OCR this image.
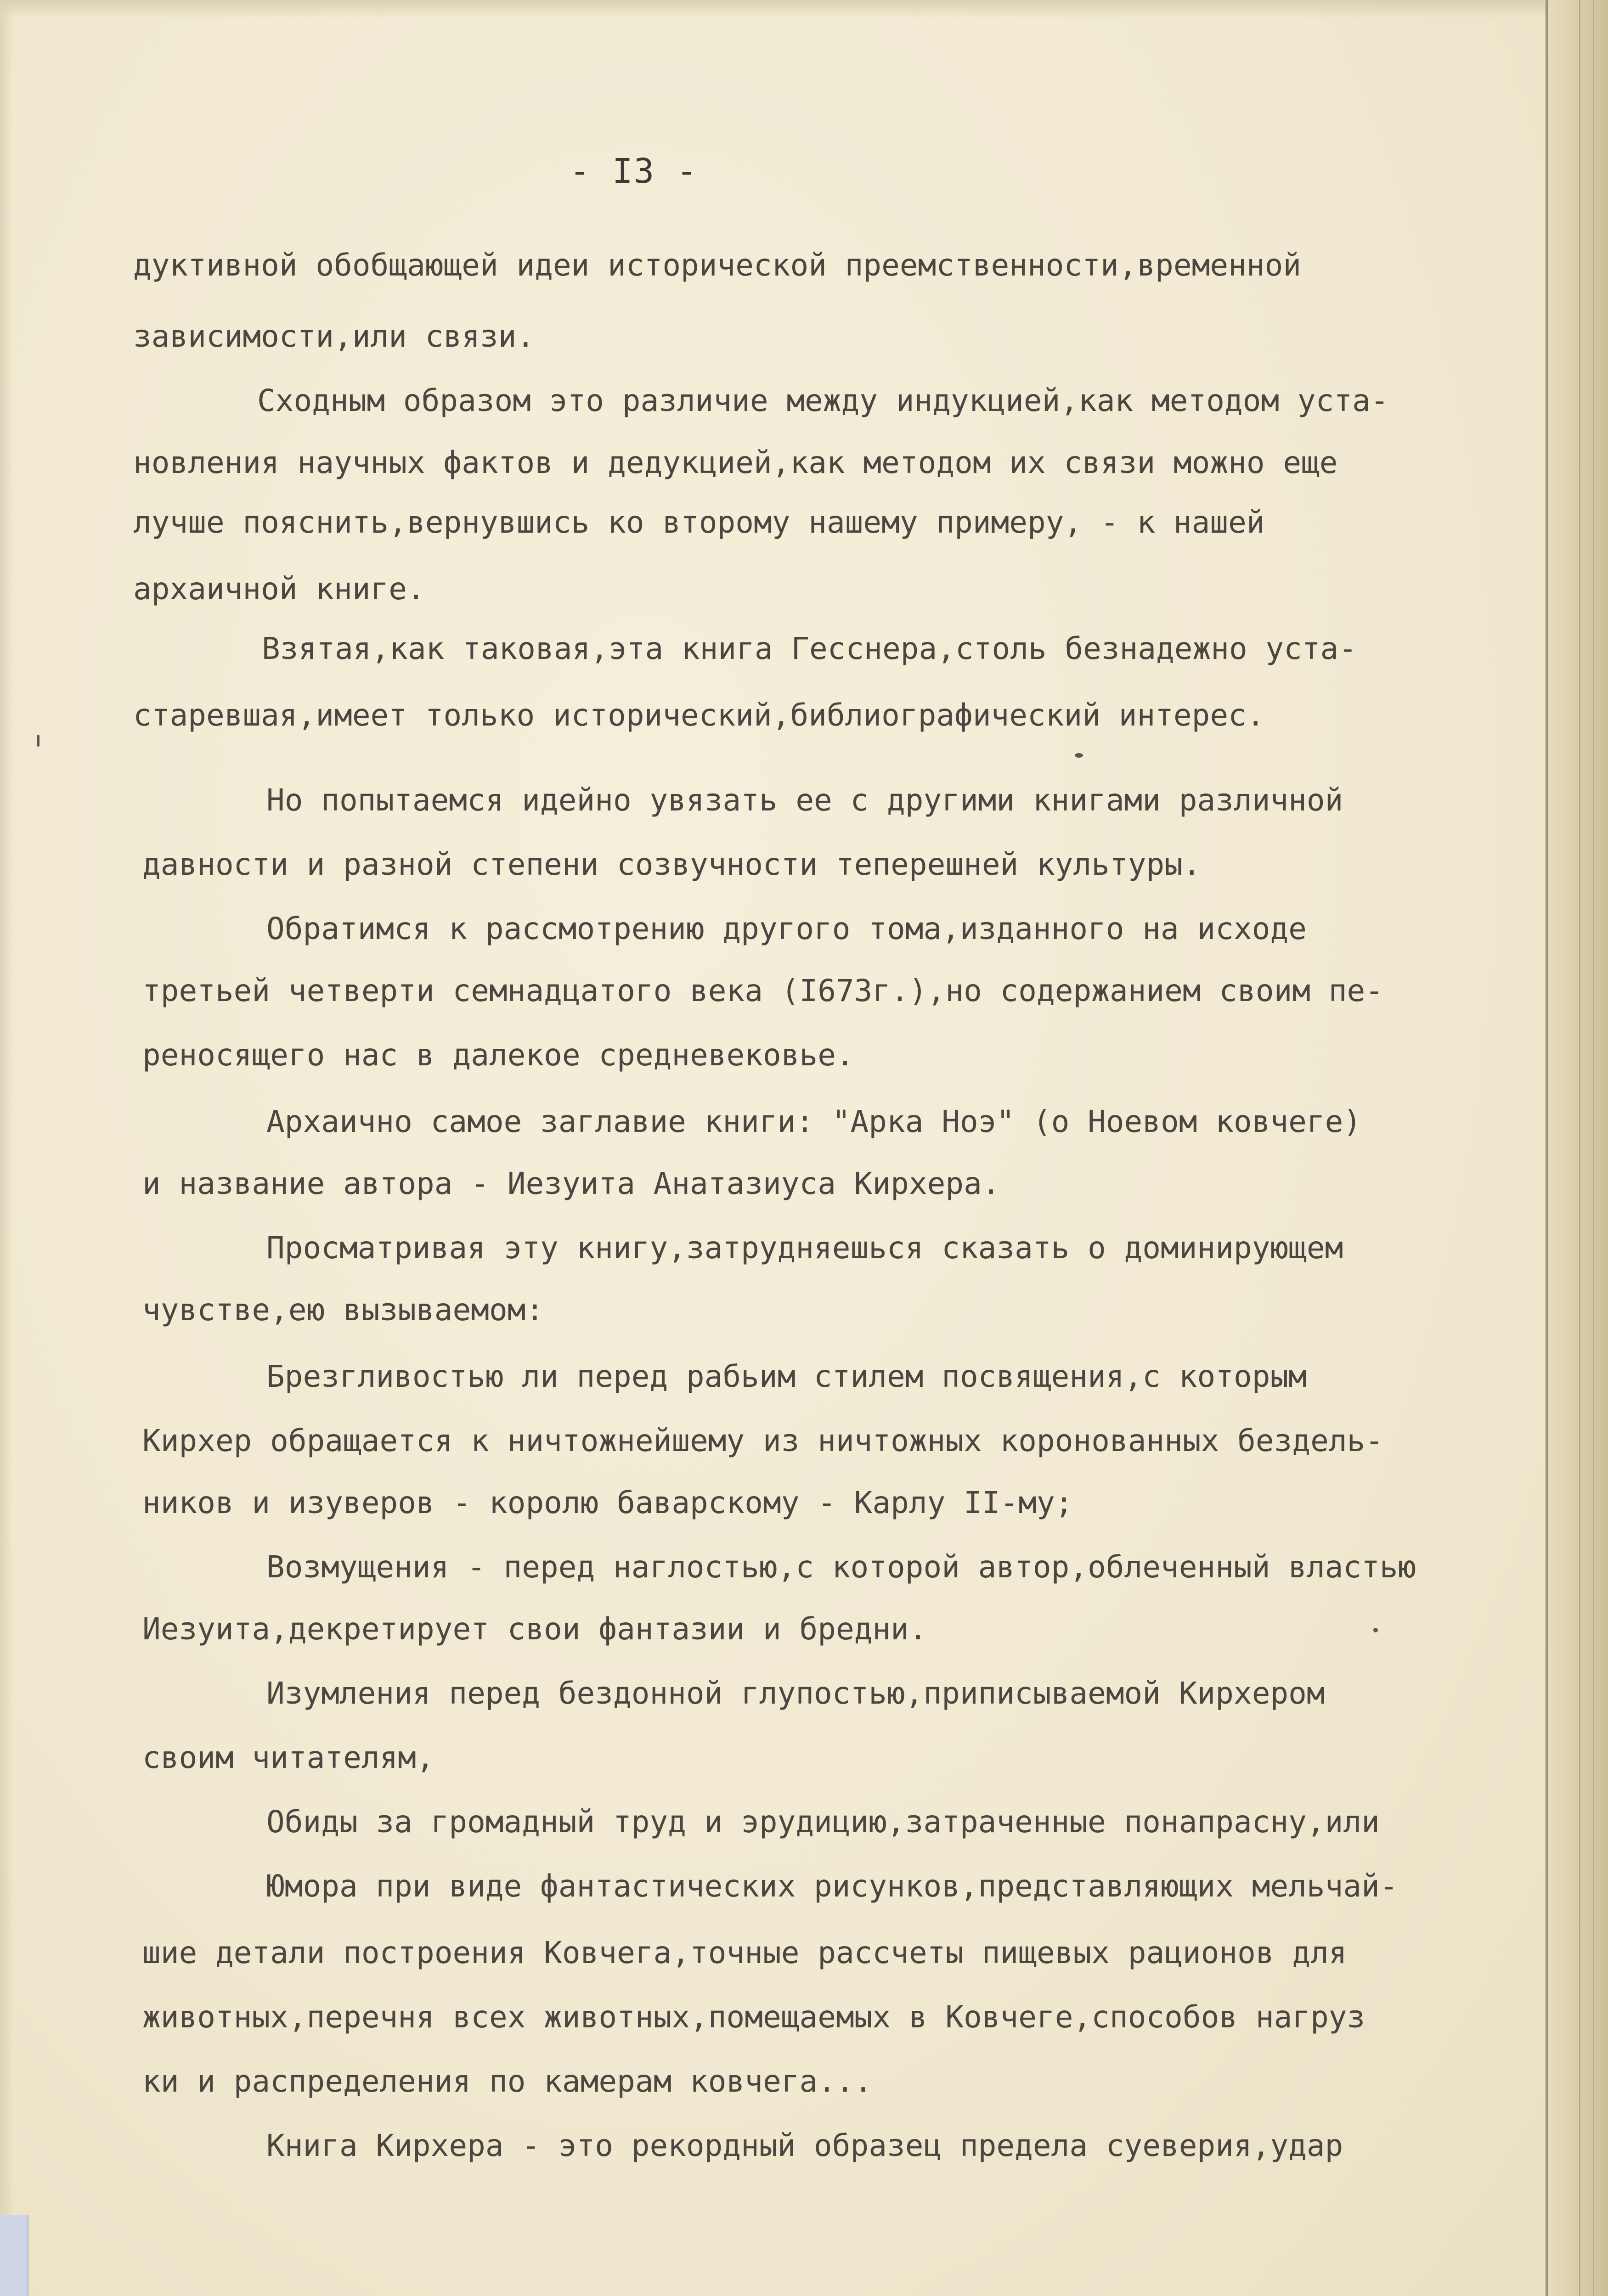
- I3 -
дуктивной обобщающей идеи исторической преемственности,временной
зависимости,или связи.
Сходным образом это различие между индукцией,как методом уста-
новления научных фактов и дедукцией,как методом их связи можно еще
лучше пояснить,вернувшись ко второму нашему примеру, - к нашей
архаичной книге.
Взятая,как таковая,эта книга Гесснера,столь безнадежно уста-
старевшая,имеет только исторический,библиографический интерес.
Но попытаемся идейно увязать ее с другими книгами различной
давности и разной степени созвучности теперешней культуры.
Обратимся к рассмотрению другого тома,изданного на исходе
третьей четверти семнадцатого века (I673г.),но содержанием своим пе-
реносящего нас в далекое средневековье.
Архаично самое заглавие книги: "Арка Ноэ" (о Ноевом ковчеге)
и название автора - Иезуита Анатазиуса Кирхера.
Просматривая эту книгу,затрудняешься сказать о доминирующем
чувстве,ею вызываемом:
Брезгливостью ли перед рабьим стилем посвящения,с которым
Кирхер обращается к ничтожнейшему из ничтожных коронованных бездель-
ников и изуверов - королю баварскому - Карлу II-му;
Возмущения - перед наглостью,с которой автор,облеченный властью
Иезуита,декретирует свои фантазии и бредни.
Изумления перед бездонной глупостью,приписываемой Кирхером
своим читателям,
Обиды за громадный труд и эрудицию,затраченные понапрасну,или
Юмора при виде фантастических рисунков,представляющих мельчай-
шие детали построения Ковчега,точные рассчеты пищевых рационов для
животных,перечня всех животных,помещаемых в Ковчеге,способов нагруз
ки и распределения по камерам ковчега...
Книга Кирхера - это рекордный образец предела суеверия,удар
